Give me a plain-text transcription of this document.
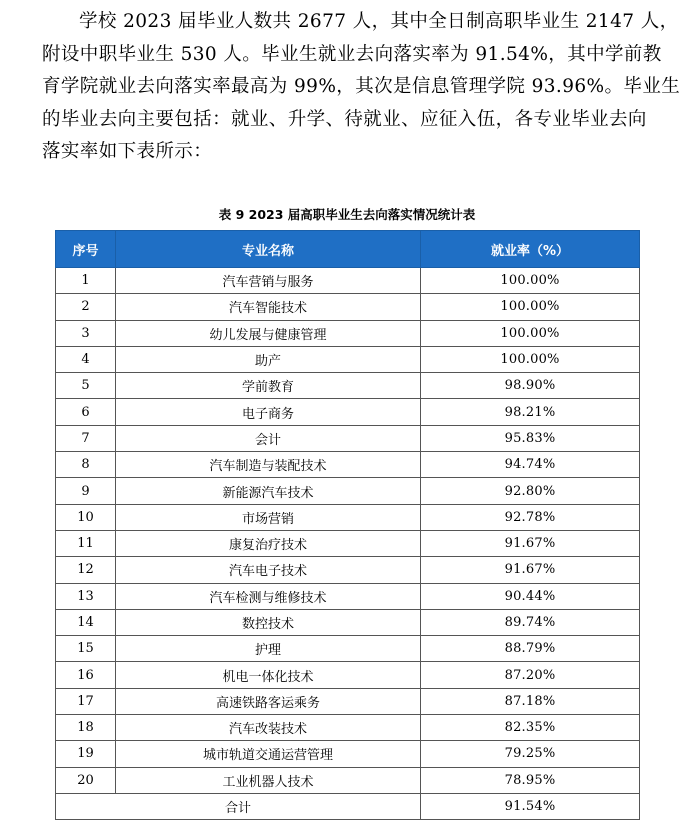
学校 2023 届毕业人数共 2677 人，其中全日制高职毕业生 2147 人，
附设中职毕业生 530 人。毕业生就业去向落实率为 91.54%，其中学前教
育学院就业去向落实率最高为 99%，其次是信息管理学院 93.96%。毕业生
的毕业去向主要包括：就业、升学、待就业、应征入伍，各专业毕业去向
落实率如下表所示：
表 9 2023 届高职毕业生去向落实情况统计表
序号	专业名称	就业率（%）
1	汽车营销与服务	100.00%
2	汽车智能技术	100.00%
3	幼儿发展与健康管理	100.00%
4	助产	100.00%
5	学前教育	98.90%
6	电子商务	98.21%
7	会计	95.83%
8	汽车制造与装配技术	94.74%
9	新能源汽车技术	92.80%
10	市场营销	92.78%
11	康复治疗技术	91.67%
12	汽车电子技术	91.67%
13	汽车检测与维修技术	90.44%
14	数控技术	89.74%
15	护理	88.79%
16	机电一体化技术	87.20%
17	高速铁路客运乘务	87.18%
18	汽车改装技术	82.35%
19	城市轨道交通运营管理	79.25%
20	工业机器人技术	78.95%
合计		91.54%
